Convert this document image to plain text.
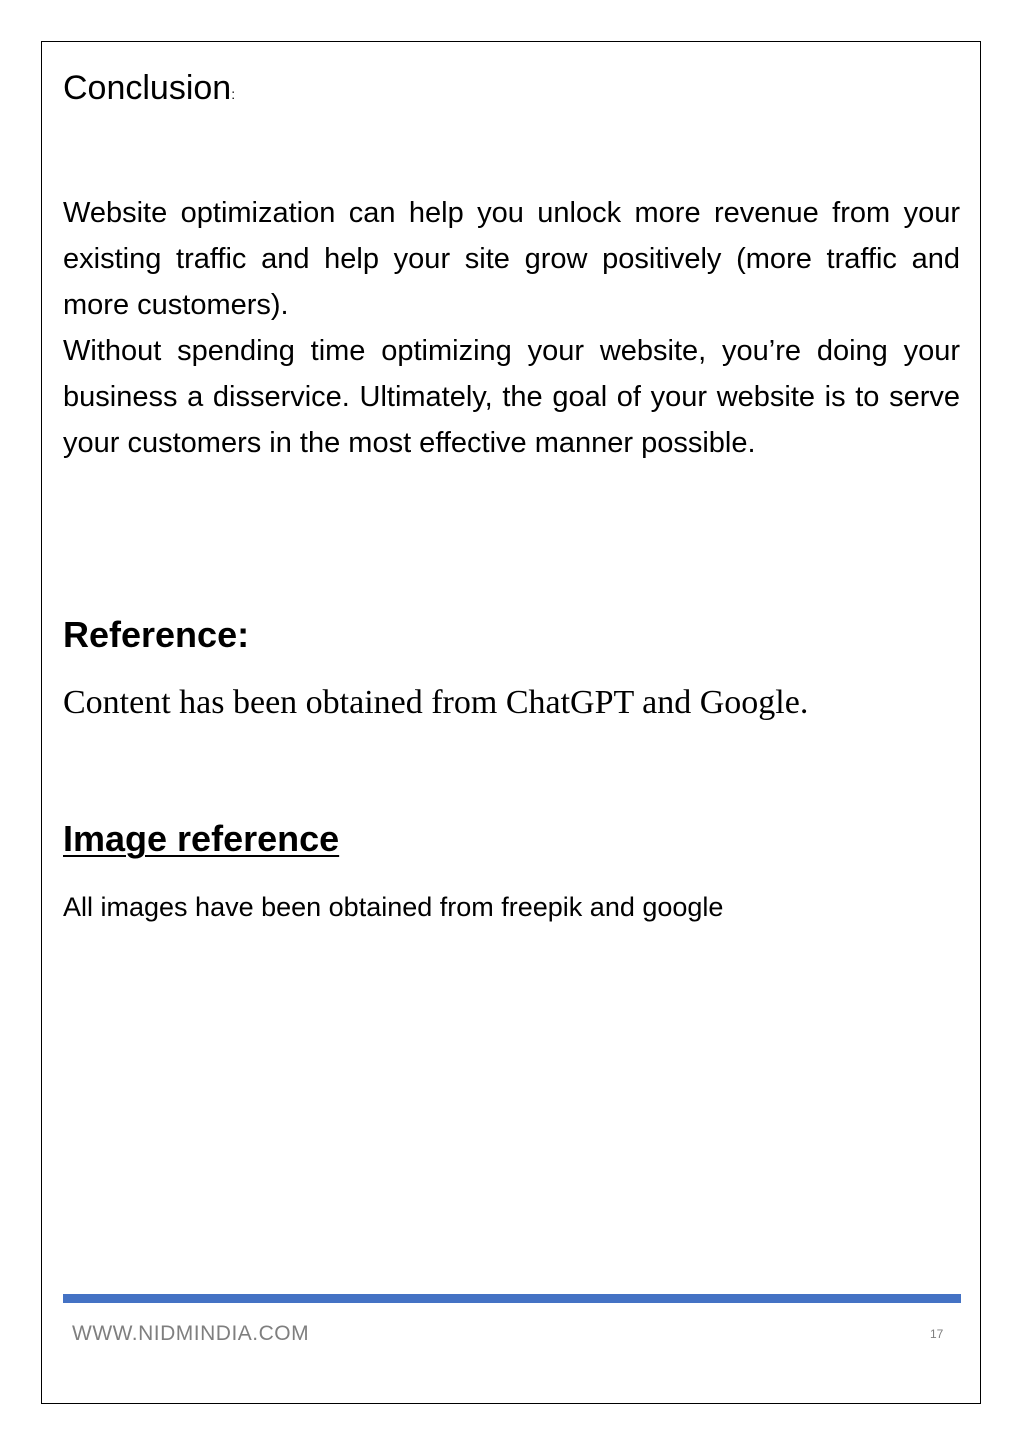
Conclusion:

Website optimization can help you unlock more revenue from your existing traffic and help your site grow positively (more traffic and more customers).

Without spending time optimizing your website, you’re doing your business a disservice. Ultimately, the goal of your website is to serve your customers in the most effective manner possible.

Reference:

Content has been obtained from ChatGPT and Google.

Image reference

All images have been obtained from freepik and google

WWW.NIDMINDIA.COM	17
